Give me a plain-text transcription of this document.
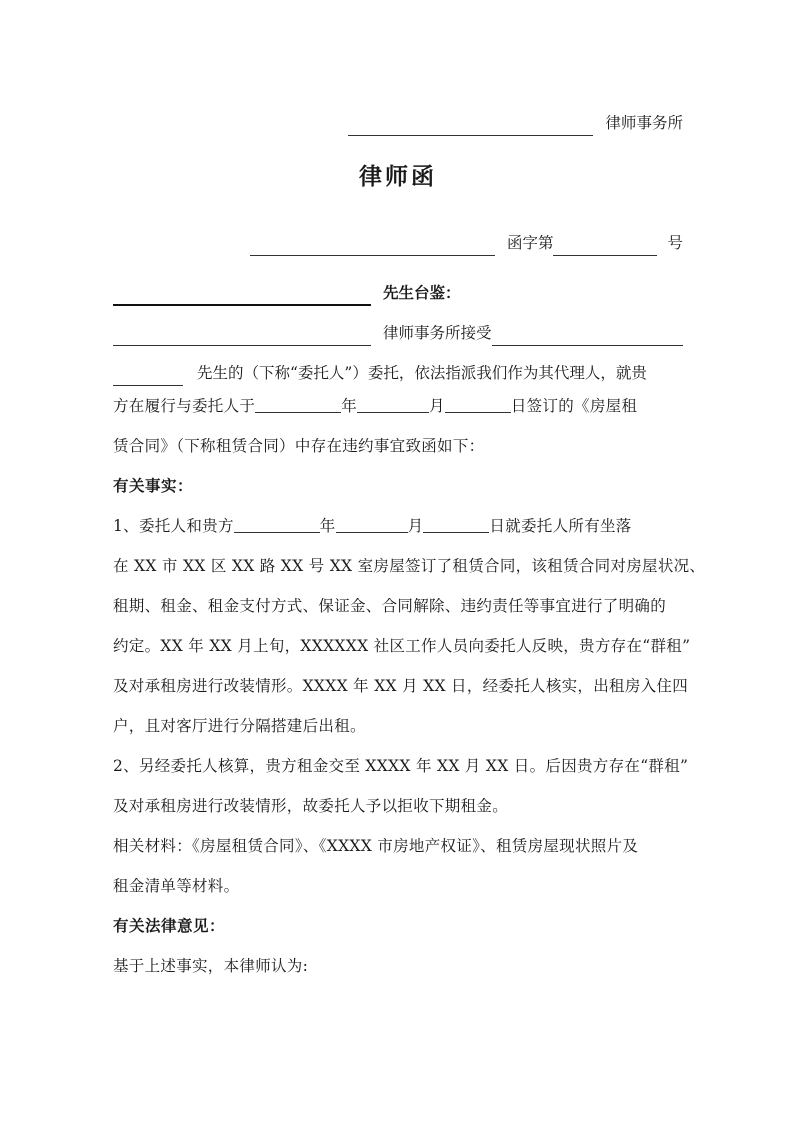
律师事务所
律师函
函字第	号
先生台鉴：
律师事务所接受
先生的（下称“委托人”）委托，依法指派我们作为其代理人，就贵
方在履行与委托人于	年	月	日签订的《房屋租
赁合同》（下称租赁合同）中存在违约事宜致函如下：
有关事实：
1、委托人和贵方	年	月	日就委托人所有坐落
在 XX 市 XX 区 XX 路 XX 号 XX 室房屋签订了租赁合同，该租赁合同对房屋状况、
租期、租金、租金支付方式、保证金、合同解除、违约责任等事宜进行了明确的
约定。XX 年 XX 月上旬，XXXXXX 社区工作人员向委托人反映，贵方存在“群租”
及对承租房进行改装情形。XXXX 年 XX 月 XX 日，经委托人核实，出租房入住四
户，且对客厅进行分隔搭建后出租。
2、另经委托人核算，贵方租金交至 XXXX 年 XX 月 XX 日。后因贵方存在“群租”
及对承租房进行改装情形，故委托人予以拒收下期租金。
相关材料：《房屋租赁合同》、《XXXX 市房地产权证》、租赁房屋现状照片及
租金清单等材料。
有关法律意见：
基于上述事实，本律师认为:
